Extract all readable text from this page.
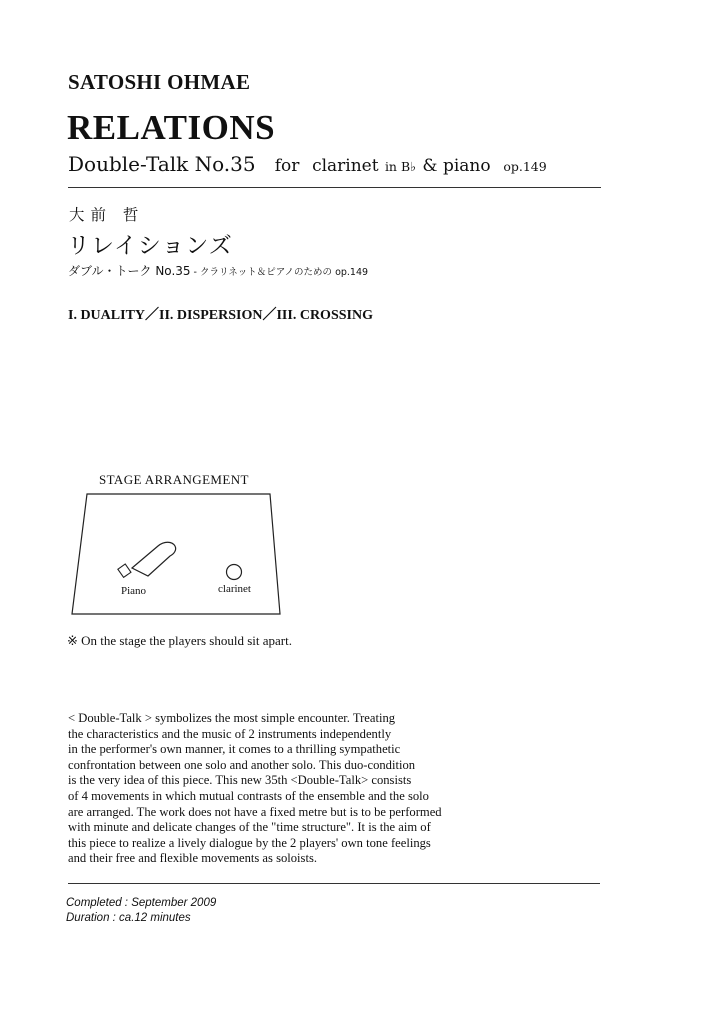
SATOSHI OHMAE
RELATIONS
Double-Talk No.35 for clarinet in B♭ & piano op.149
大前 哲
リレイションズ
ダブル・トーク No.35 - クラリネット＆ピアノのための op.149
I. DUALITY／II. DISPERSION／III. CROSSING
STAGE ARRANGEMENT
Piano	clarinet
※ On the stage the players should sit apart.
< Double-Talk > symbolizes the most simple encounter. Treating
the characteristics and the music of 2 instruments independently
in the performer's own manner, it comes to a thrilling sympathetic
confrontation between one solo and another solo. This duo-condition
is the very idea of this piece. This new 35th <Double-Talk> consists
of 4 movements in which mutual contrasts of the ensemble and the solo
are arranged. The work does not have a fixed metre but is to be performed
with minute and delicate changes of the "time structure". It is the aim of
this piece to realize a lively dialogue by the 2 players' own tone feelings
and their free and flexible movements as soloists.
Completed : September 2009
Duration : ca.12 minutes
